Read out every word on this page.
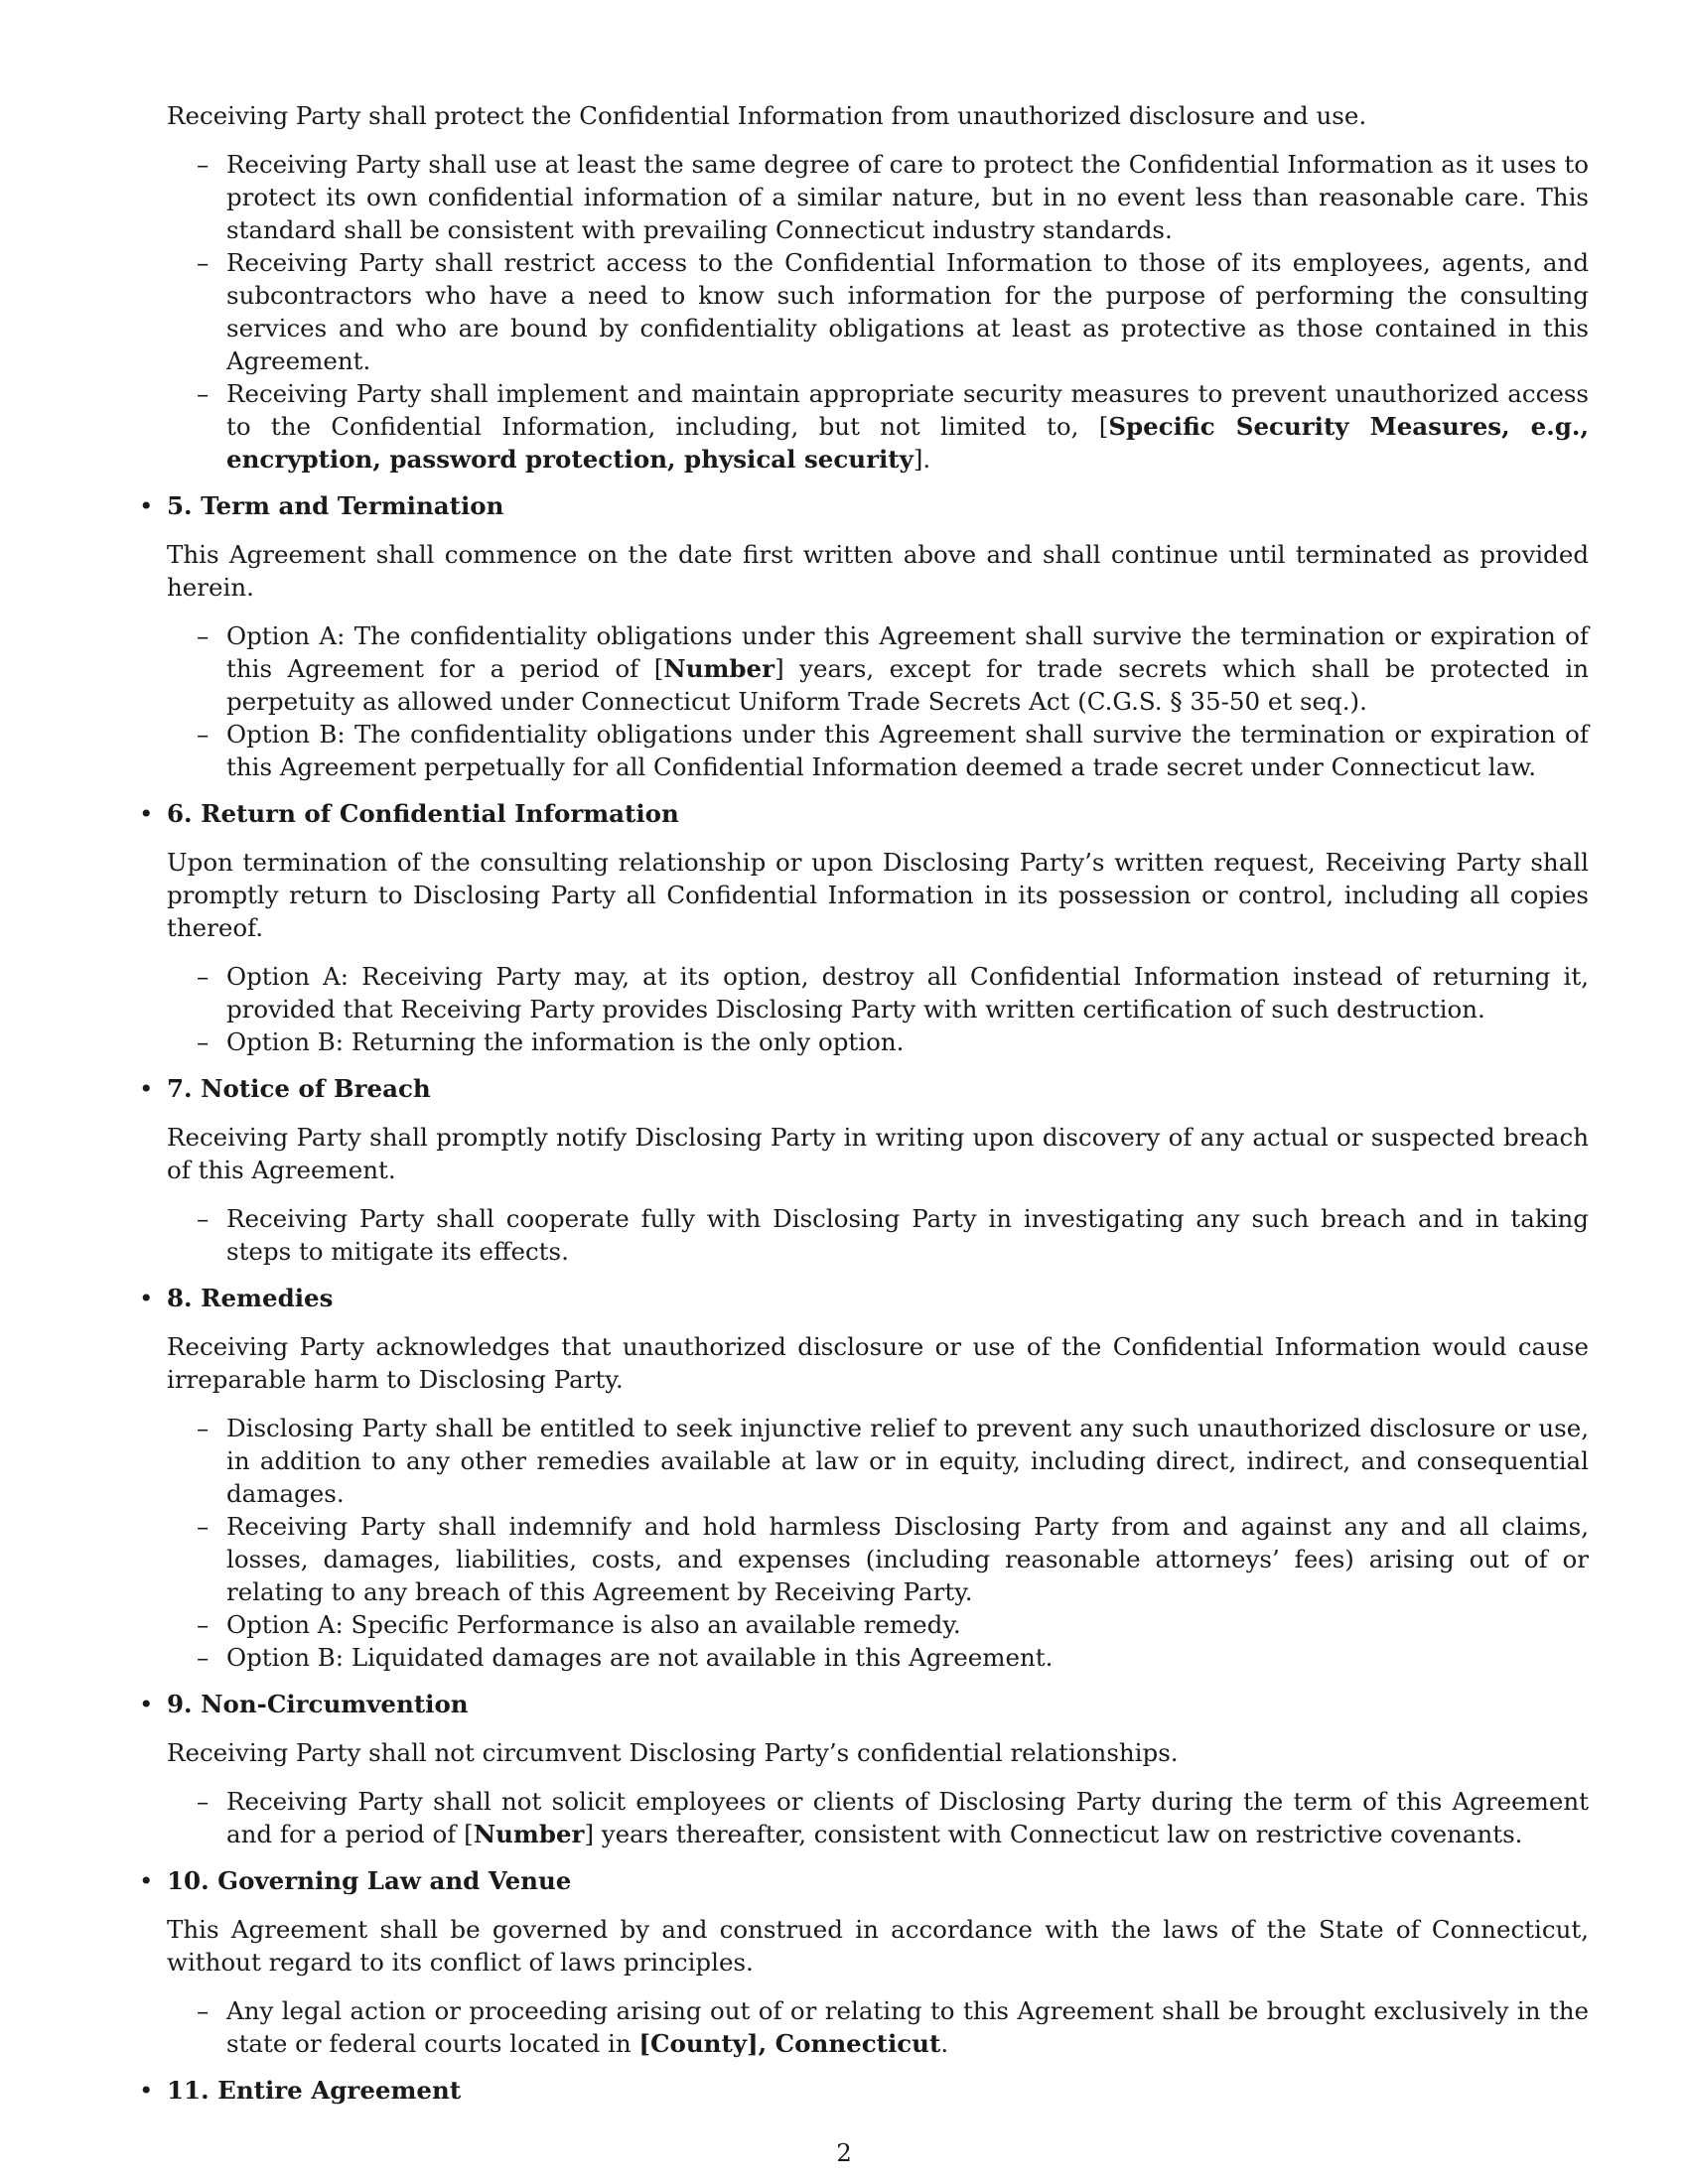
Receiving Party shall protect the Confidential Information from unauthorized disclosure and use.

– Receiving Party shall use at least the same degree of care to protect the Confidential Information as it uses to protect its own confidential information of a similar nature, but in no event less than reasonable care. This standard shall be consistent with prevailing Connecticut industry standards.
– Receiving Party shall restrict access to the Confidential Information to those of its employees, agents, and subcontractors who have a need to know such information for the purpose of performing the consulting services and who are bound by confidentiality obligations at least as protective as those contained in this Agreement.
– Receiving Party shall implement and maintain appropriate security measures to prevent unauthorized access to the Confidential Information, including, but not limited to, [Specific Security Measures, e.g., encryption, password protection, physical security].

• 5. Term and Termination

This Agreement shall commence on the date first written above and shall continue until terminated as provided herein.

– Option A: The confidentiality obligations under this Agreement shall survive the termination or expiration of this Agreement for a period of [Number] years, except for trade secrets which shall be protected in perpetuity as allowed under Connecticut Uniform Trade Secrets Act (C.G.S. § 35-50 et seq.).
– Option B: The confidentiality obligations under this Agreement shall survive the termination or expiration of this Agreement perpetually for all Confidential Information deemed a trade secret under Connecticut law.

• 6. Return of Confidential Information

Upon termination of the consulting relationship or upon Disclosing Party’s written request, Receiving Party shall promptly return to Disclosing Party all Confidential Information in its possession or control, including all copies thereof.

– Option A: Receiving Party may, at its option, destroy all Confidential Information instead of returning it, provided that Receiving Party provides Disclosing Party with written certification of such destruction.
– Option B: Returning the information is the only option.

• 7. Notice of Breach

Receiving Party shall promptly notify Disclosing Party in writing upon discovery of any actual or suspected breach of this Agreement.

– Receiving Party shall cooperate fully with Disclosing Party in investigating any such breach and in taking steps to mitigate its effects.

• 8. Remedies

Receiving Party acknowledges that unauthorized disclosure or use of the Confidential Information would cause irreparable harm to Disclosing Party.

– Disclosing Party shall be entitled to seek injunctive relief to prevent any such unauthorized disclosure or use, in addition to any other remedies available at law or in equity, including direct, indirect, and consequential damages.
– Receiving Party shall indemnify and hold harmless Disclosing Party from and against any and all claims, losses, damages, liabilities, costs, and expenses (including reasonable attorneys’ fees) arising out of or relating to any breach of this Agreement by Receiving Party.
– Option A: Specific Performance is also an available remedy.
– Option B: Liquidated damages are not available in this Agreement.

• 9. Non-Circumvention

Receiving Party shall not circumvent Disclosing Party’s confidential relationships.

– Receiving Party shall not solicit employees or clients of Disclosing Party during the term of this Agreement and for a period of [Number] years thereafter, consistent with Connecticut law on restrictive covenants.

• 10. Governing Law and Venue

This Agreement shall be governed by and construed in accordance with the laws of the State of Connecticut, without regard to its conflict of laws principles.

– Any legal action or proceeding arising out of or relating to this Agreement shall be brought exclusively in the state or federal courts located in [County], Connecticut.

• 11. Entire Agreement

2
